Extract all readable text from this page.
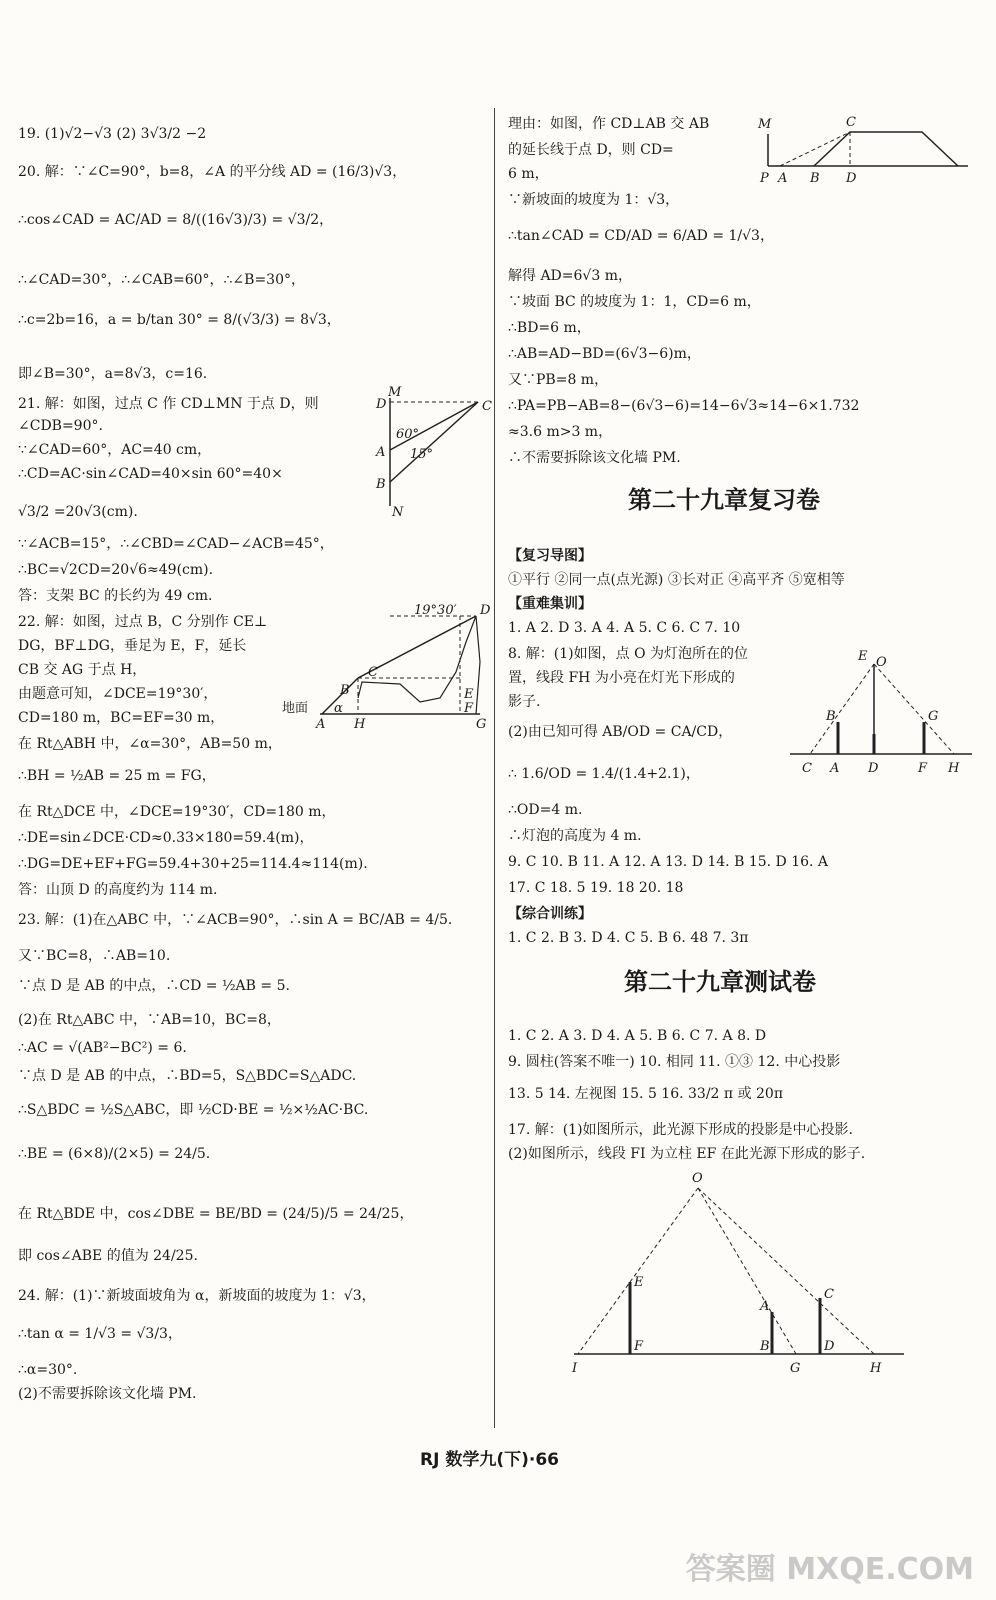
19. (1)√2−√3 (2) 3√3/2 −2
20. 解：∵∠C=90°，b=8，∠A 的平分线 AD = (16/3)√3，
∴cos∠CAD = AC/AD = 8/((16√3)/3) = √3/2，
∴∠CAD=30°，∴∠CAB=60°，∴∠B=30°，
∴c=2b=16，a = b/tan 30° = 8/(√3/3) = 8√3，
即∠B=30°，a=8√3，c=16.
21. 解：如图，过点 C 作 CD⊥MN 于点 D，则
∠CDB=90°.
∵∠CAD=60°，AC=40 cm，
∴CD=AC·sin∠CAD=40×sin 60°=40×
√3/2 =20√3(cm).
∵∠ACB=15°，∴∠CBD=∠CAD−∠ACB=45°，
∴BC=√2CD=20√6≈49(cm).
答：支架 BC 的长约为 49 cm.
22. 解：如图，过点 B，C 分别作 CE⊥
DG，BF⊥DG，垂足为 E，F，延长
CB 交 AG 于点 H，
由题意可知，∠DCE=19°30′，
CD=180 m，BC=EF=30 m，
在 Rt△ABH 中，∠α=30°，AB=50 m，
∴BH = ½AB = 25 m = FG，
在 Rt△DCE 中，∠DCE=19°30′，CD=180 m，
∴DE=sin∠DCE·CD≈0.33×180=59.4(m)，
∴DG=DE+EF+FG=59.4+30+25=114.4≈114(m).
答：山顶 D 的高度约为 114 m.
23. 解：(1)在△ABC 中，∵∠ACB=90°，∴sin A = BC/AB = 4/5.
又∵BC=8，∴AB=10.
∵点 D 是 AB 的中点，∴CD = ½AB = 5.
(2)在 Rt△ABC 中，∵AB=10，BC=8，
∴AC = √(AB²−BC²) = 6.
∵点 D 是 AB 的中点，∴BD=5，S△BDC=S△ADC.
∴S△BDC = ½S△ABC，即 ½CD·BE = ½×½AC·BC.
∴BE = (6×8)/(2×5) = 24/5.
在 Rt△BDE 中，cos∠DBE = BE/BD = (24/5)/5 = 24/25，
即 cos∠ABE 的值为 24/25.
24. 解：(1)∵新坡面坡角为 α，新坡面的坡度为 1：√3，
∴tan α = 1/√3 = √3/3，
∴α=30°.
(2)不需要拆除该文化墙 PM.
M
D	C
60°
A 15°
B
N
19°30′ D
C
B	E
F
地面 α
A H	G
理由：如图，作 CD⊥AB 交 AB
的延长线于点 D，则 CD=
6 m，
∵新坡面的坡度为 1：√3，
∴tan∠CAD = CD/AD = 6/AD = 1/√3，
解得 AD=6√3 m，
∵坡面 BC 的坡度为 1：1，CD=6 m，
∴BD=6 m，
∴AB=AD−BD=(6√3−6)m，
又∵PB=8 m，
∴PA=PB−AB=8−(6√3−6)=14−6√3≈14−6×1.732
≈3.6 m>3 m，
∴不需要拆除该文化墙 PM.
M	C
P A B D
第二十九章复习卷
【复习导图】
①平行 ②同一点(点光源) ③长对正 ④高平齐 ⑤宽相等
【重难集训】
1. A 2. D 3. A 4. A 5. C 6. C 7. 10
8. 解：(1)如图，点 O 为灯泡所在的位
置，线段 FH 为小亮在灯光下形成的
影子.
(2)由已知可得 AB/OD = CA/CD，
∴ 1.6/OD = 1.4/(1.4+2.1)，
∴OD=4 m.
∴灯泡的高度为 4 m.
9. C 10. B 11. A 12. A 13. D 14. B 15. D 16. A
17. C 18. 5 19. 18 20. 18
【综合训练】
1. C 2. B 3. D 4. C 5. B 6. 48 7. 3π
E O
B	G
C A D	F H
第二十九章测试卷
1. C 2. A 3. D 4. A 5. B 6. C 7. A 8. D
9. 圆柱(答案不唯一) 10. 相同 11. ①③ 12. 中心投影
13. 5 14. 左视图 15. 5 16. 33/2 π 或 20π
17. 解：(1)如图所示，此光源下形成的投影是中心投影.
(2)如图所示，线段 FI 为立柱 EF 在此光源下形成的影子.
O
E
A
C
I
F	B
G
D
H
RJ 数学九(下)·66
答案圈 MXQE.COM
